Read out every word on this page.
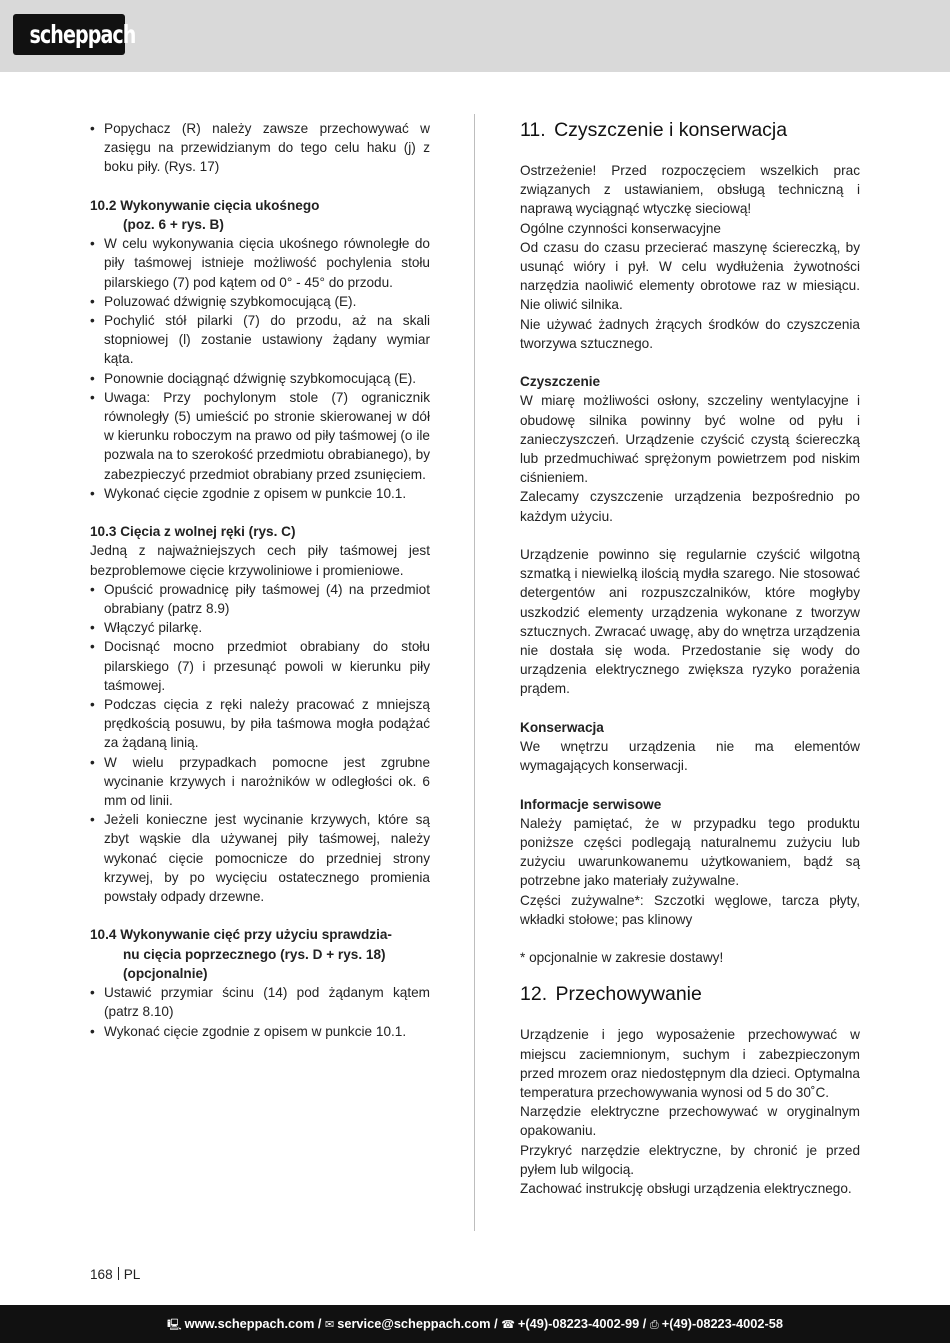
scheppach
• Popychacz (R) należy zawsze przechowywać w zasięgu na przewidzianym do tego celu haku (j) z boku piły. (Rys. 17)
10.2 Wykonywanie cięcia ukośnego
(poz. 6 + rys. B)
• W celu wykonywania cięcia ukośnego równoległe do piły taśmowej istnieje możliwość pochylenia stołu pilarskiego (7) pod kątem od 0° - 45° do przodu.
• Poluzować dźwignię szybkomocującą (E).
• Pochylić stół pilarki (7) do przodu, aż na skali stopniowej (l) zostanie ustawiony żądany wymiar kąta.
• Ponownie dociągnąć dźwignię szybkomocującą (E).
• Uwaga: Przy pochylonym stole (7) ogranicznik równoległy (5) umieścić po stronie skierowanej w dół w kierunku roboczym na prawo od piły taśmowej (o ile pozwala na to szerokość przedmiotu obrabianego), by zabezpieczyć przedmiot obrabiany przed zsunięciem.
• Wykonać cięcie zgodnie z opisem w punkcie 10.1.
10.3 Cięcia z wolnej ręki (rys. C)

Jedną z najważniejszych cech piły taśmowej jest bezproblemowe cięcie krzywoliniowe i promieniowe.

• Opuścić prowadnicę piły taśmowej (4) na przedmiot obrabiany (patrz 8.9)
• Włączyć pilarkę.
• Docisnąć mocno przedmiot obrabiany do stołu pilarskiego (7) i przesunąć powoli w kierunku piły taśmowej.
• Podczas cięcia z ręki należy pracować z mniejszą prędkością posuwu, by piła taśmowa mogła podążać za żądaną linią.
• W wielu przypadkach pomocne jest zgrubne wycinanie krzywych i narożników w odległości ok. 6 mm od linii.
• Jeżeli konieczne jest wycinanie krzywych, które są zbyt wąskie dla używanej piły taśmowej, należy wykonać cięcie pomocnicze do przedniej strony krzywej, by po wycięciu ostatecznego promienia powstały odpady drzewne.
10.4 Wykonywanie cięć przy użyciu sprawdzia-
nu cięcia poprzecznego (rys. D + rys. 18)
(opcjonalnie)
• Ustawić przymiar ścinu (14) pod żądanym kątem (patrz 8.10)
• Wykonać cięcie zgodnie z opisem w punkcie 10.1.
11. Czyszczenie i konserwacja

Ostrzeżenie! Przed rozpoczęciem wszelkich prac związanych z ustawianiem, obsługą techniczną i naprawą wyciągnąć wtyczkę sieciową!

Ogólne czynności konserwacyjne

Od czasu do czasu przecierać maszynę ściereczką, by usunąć wióry i pył. W celu wydłużenia żywotności narzędzia naoliwić elementy obrotowe raz w miesiącu. Nie oliwić silnika.

Nie używać żadnych żrących środków do czyszczenia tworzywa sztucznego.

Czyszczenie

W miarę możliwości osłony, szczeliny wentylacyjne i obudowę silnika powinny być wolne od pyłu i zanieczyszczeń. Urządzenie czyścić czystą ściereczką lub przedmuchiwać sprężonym powietrzem pod niskim ciśnieniem.

Zalecamy czyszczenie urządzenia bezpośrednio po każdym użyciu.

Urządzenie powinno się regularnie czyścić wilgotną szmatką i niewielką ilością mydła szarego. Nie stosować detergentów ani rozpuszczalników, które mogłyby uszkodzić elementy urządzenia wykonane z tworzyw sztucznych. Zwracać uwagę, aby do wnętrza urządzenia nie dostała się woda. Przedostanie się wody do urządzenia elektrycznego zwiększa ryzyko porażenia prądem.

Konserwacja

We wnętrzu urządzenia nie ma elementów wymagających konserwacji.

Informacje serwisowe

Należy pamiętać, że w przypadku tego produktu poniższe części podlegają naturalnemu zużyciu lub zużyciu uwarunkowanemu użytkowaniem, bądź są potrzebne jako materiały zużywalne.

Części zużywalne*: Szczotki węglowe, tarcza płyty, wkładki stołowe; pas klinowy

* opcjonalnie w zakresie dostawy!

12. Przechowywanie

Urządzenie i jego wyposażenie przechowywać w miejscu zaciemnionym, suchym i zabezpieczonym przed mrozem oraz niedostępnym dla dzieci. Optymalna temperatura przechowywania wynosi od 5 do 30˚C.

Narzędzie elektryczne przechowywać w oryginalnym opakowaniu.

Przykryć narzędzie elektryczne, by chronić je przed pyłem lub wilgocią.

Zachować instrukcję obsługi urządzenia elektrycznego.

168 PL
🖳 www.scheppach.com / ✉ service@scheppach.com / ☎ +(49)-08223-4002-99 / ⎙ +(49)-08223-4002-58
